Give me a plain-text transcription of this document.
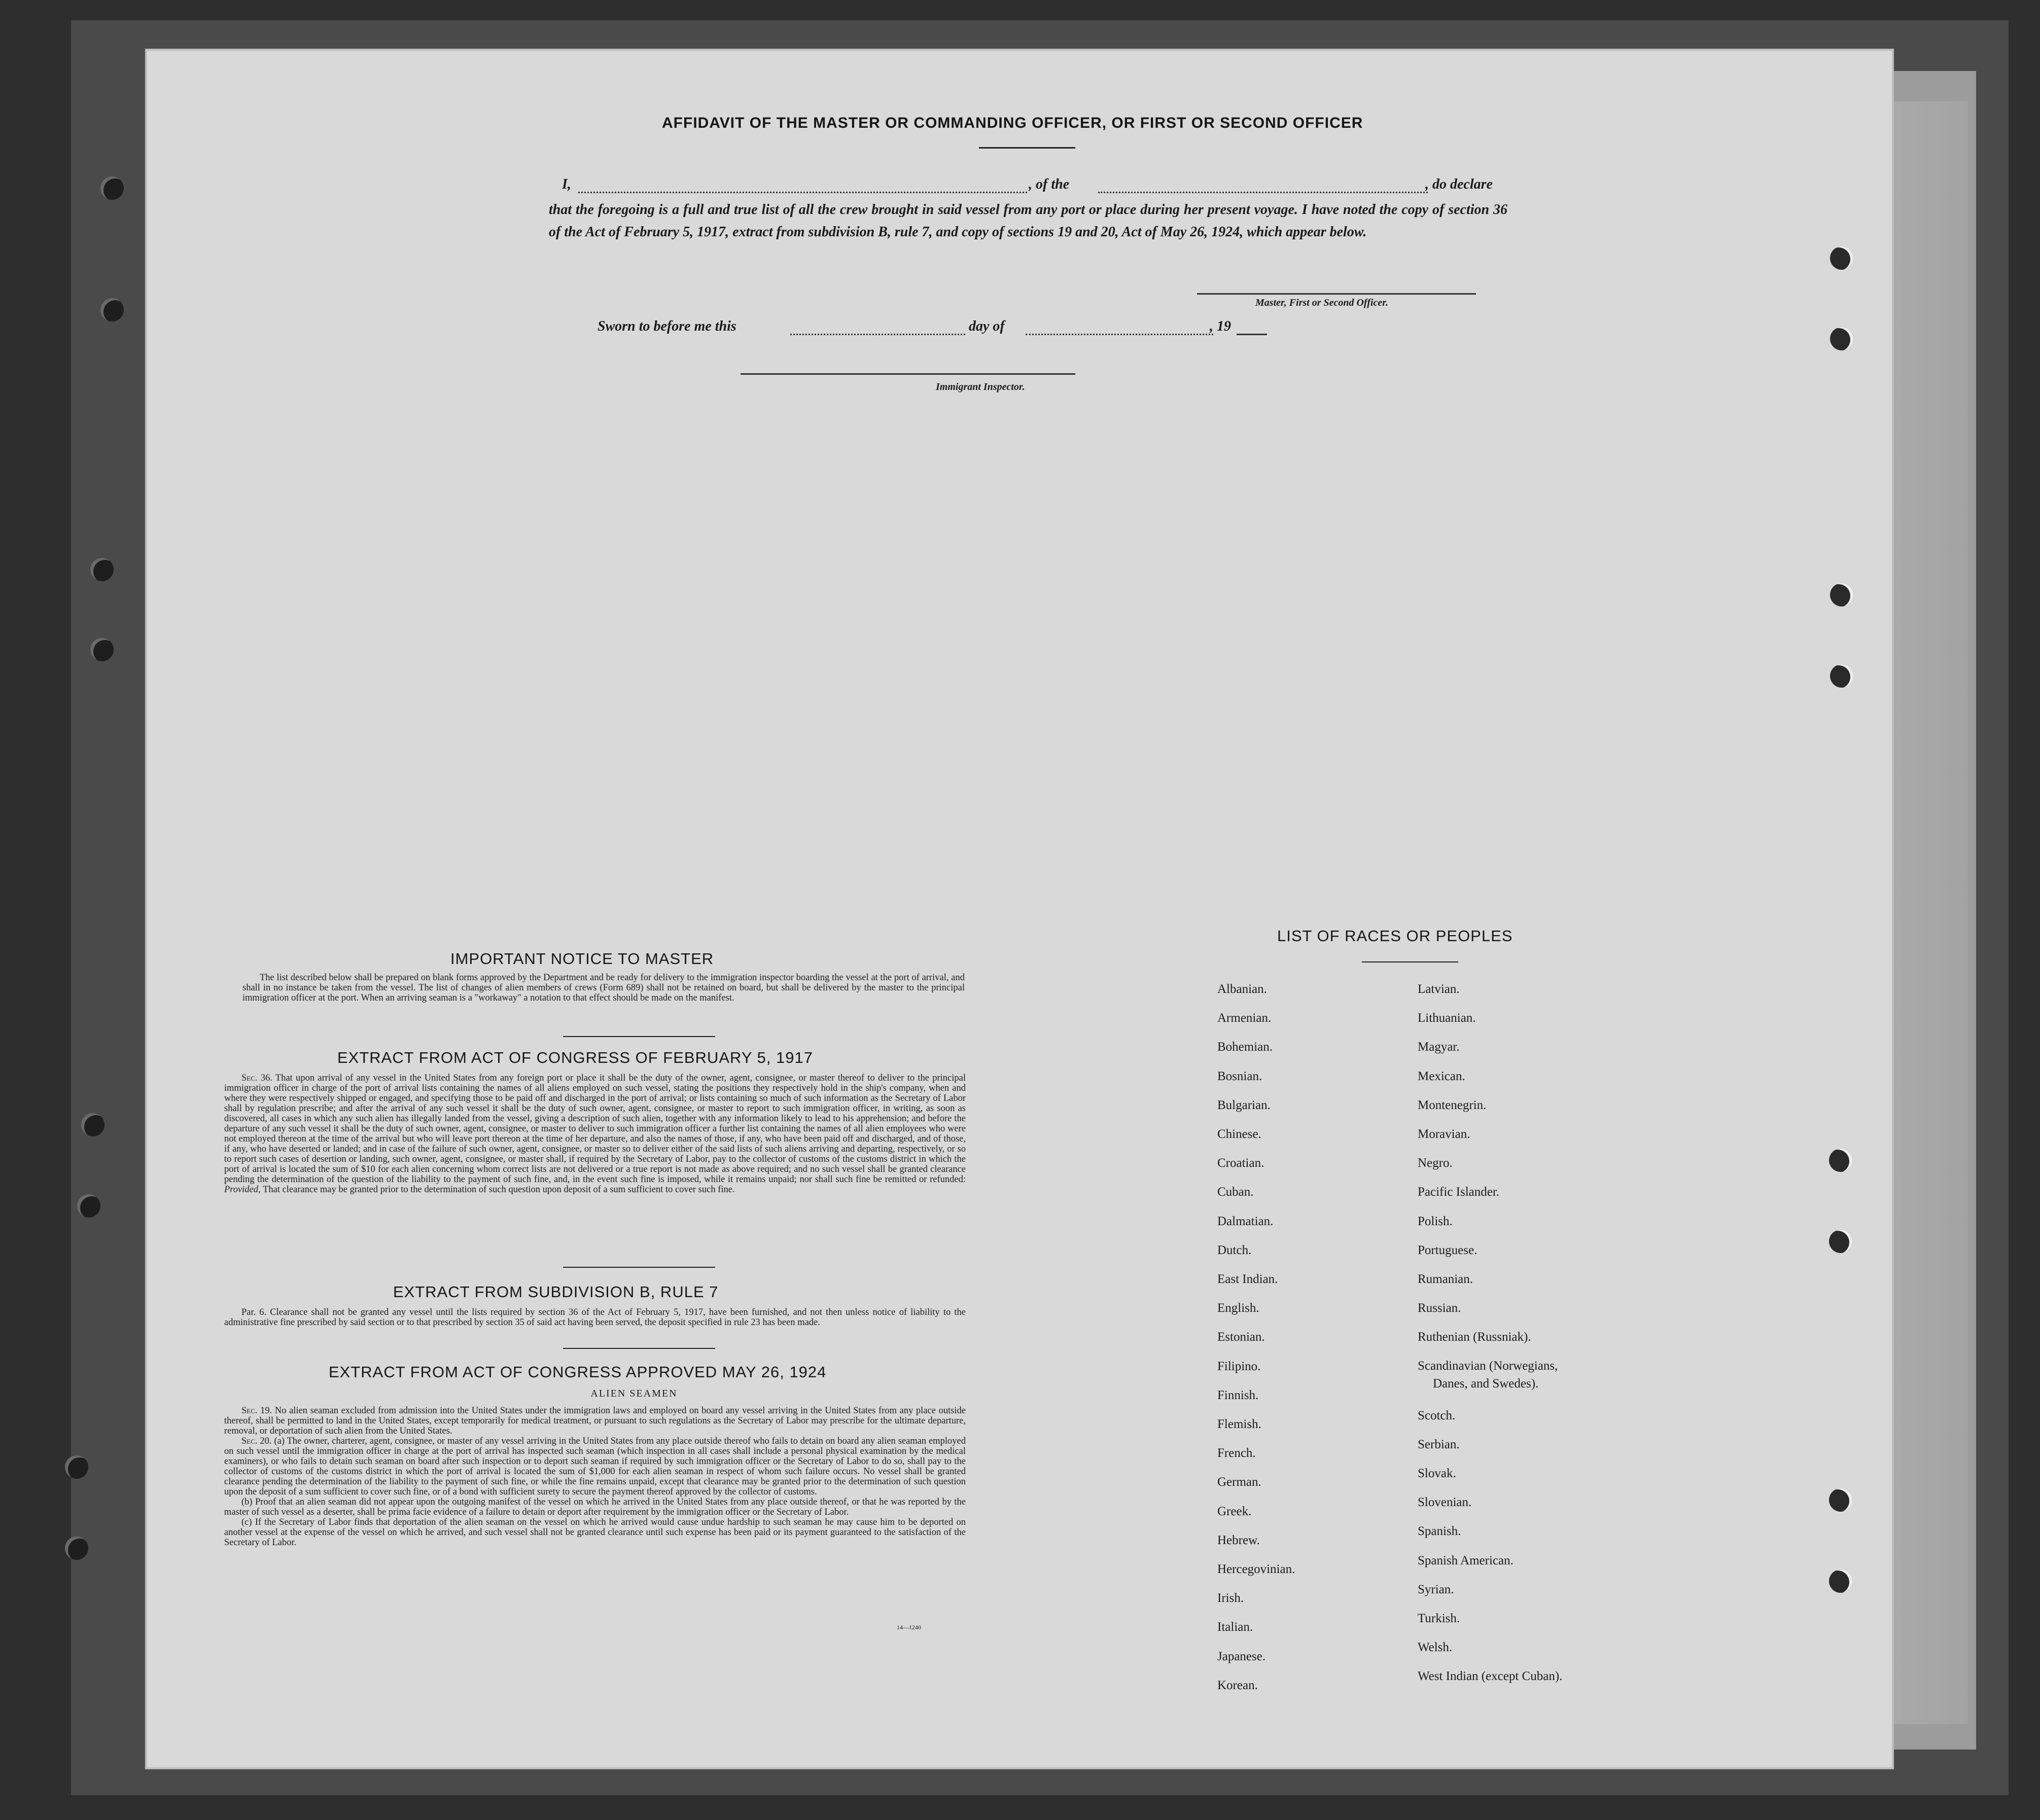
AFFIDAVIT OF THE MASTER OR COMMANDING OFFICER, OR FIRST OR SECOND OFFICER
I,	, of the	, do declare
that the foregoing is a full and true list of all the crew brought in said vessel from any port or place during her present voyage. I have noted the copy of section 36 of the Act of February 5, 1917, extract from subdivision B, rule 7, and copy of sections 19 and 20, Act of May 26, 1924, which appear below.
Master, First or Second Officer.
Sworn to before me this	day of	, 19
Immigrant Inspector.
IMPORTANT NOTICE TO MASTER

The list described below shall be prepared on blank forms approved by the Department and be ready for delivery to the immigration inspector boarding the vessel at the port of arrival, and shall in no instance be taken from the vessel. The list of changes of alien members of crews (Form 689) shall not be retained on board, but shall be delivered by the master to the principal immigration officer at the port. When an arriving seaman is a "workaway" a notation to that effect should be made on the manifest.

EXTRACT FROM ACT OF CONGRESS OF FEBRUARY 5, 1917

Sec. 36. That upon arrival of any vessel in the United States from any foreign port or place it shall be the duty of the owner, agent, consignee, or master thereof to deliver to the principal immigration officer in charge of the port of arrival lists containing the names of all aliens employed on such vessel, stating the positions they respectively hold in the ship's company, when and where they were respectively shipped or engaged, and specifying those to be paid off and discharged in the port of arrival; or lists containing so much of such information as the Secretary of Labor shall by regulation prescribe; and after the arrival of any such vessel it shall be the duty of such owner, agent, consignee, or master to report to such immigration officer, in writing, as soon as discovered, all cases in which any such alien has illegally landed from the vessel, giving a description of such alien, together with any information likely to lead to his apprehension; and before the departure of any such vessel it shall be the duty of such owner, agent, consignee, or master to deliver to such immigration officer a further list containing the names of all alien employees who were not employed thereon at the time of the arrival but who will leave port thereon at the time of her departure, and also the names of those, if any, who have been paid off and discharged, and of those, if any, who have deserted or landed; and in case of the failure of such owner, agent, consignee, or master so to deliver either of the said lists of such aliens arriving and departing, respectively, or so to report such cases of desertion or landing, such owner, agent, consignee, or master shall, if required by the Secretary of Labor, pay to the collector of customs of the customs district in which the port of arrival is located the sum of $10 for each alien concerning whom correct lists are not delivered or a true report is not made as above required; and no such vessel shall be granted clearance pending the determination of the question of the liability to the payment of such fine, and, in the event such fine is imposed, while it remains unpaid; nor shall such fine be remitted or refunded: Provided, That clearance may be granted prior to the determination of such question upon deposit of a sum sufficient to cover such fine.

EXTRACT FROM SUBDIVISION B, RULE 7

Par. 6. Clearance shall not be granted any vessel until the lists required by section 36 of the Act of February 5, 1917, have been furnished, and not then unless notice of liability to the administrative fine prescribed by said section or to that prescribed by section 35 of said act having been served, the deposit specified in rule 23 has been made.

EXTRACT FROM ACT OF CONGRESS APPROVED MAY 26, 1924
ALIEN SEAMEN

Sec. 19. No alien seaman excluded from admission into the United States under the immigration laws and employed on board any vessel arriving in the United States from any place outside thereof, shall be permitted to land in the United States, except temporarily for medical treatment, or pursuant to such regulations as the Secretary of Labor may prescribe for the ultimate departure, removal, or deportation of such alien from the United States.

Sec. 20. (a) The owner, charterer, agent, consignee, or master of any vessel arriving in the United States from any place outside thereof who fails to detain on board any alien seaman employed on such vessel until the immigration officer in charge at the port of arrival has inspected such seaman (which inspection in all cases shall include a personal physical examination by the medical examiners), or who fails to detain such seaman on board after such inspection or to deport such seaman if required by such immigration officer or the Secretary of Labor to do so, shall pay to the collector of customs of the customs district in which the port of arrival is located the sum of $1,000 for each alien seaman in respect of whom such failure occurs. No vessel shall be granted clearance pending the determination of the liability to the payment of such fine, or while the fine remains unpaid, except that clearance may be granted prior to the determination of such question upon the deposit of a sum sufficient to cover such fine, or of a bond with sufficient surety to secure the payment thereof approved by the collector of customs.

(b) Proof that an alien seaman did not appear upon the outgoing manifest of the vessel on which he arrived in the United States from any place outside thereof, or that he was reported by the master of such vessel as a deserter, shall be prima facie evidence of a failure to detain or deport after requirement by the immigration officer or the Secretary of Labor.

(c) If the Secretary of Labor finds that deportation of the alien seaman on the vessel on which he arrived would cause undue hardship to such seaman he may cause him to be deported on another vessel at the expense of the vessel on which he arrived, and such vessel shall not be granted clearance until such expense has been paid or its payment guaranteed to the satisfaction of the Secretary of Labor.

14—1240
LIST OF RACES OR PEOPLES
Albanian.
Armenian.
Bohemian.
Bosnian.
Bulgarian.
Chinese.
Croatian.
Cuban.
Dalmatian.
Dutch.
East Indian.
English.
Estonian.
Filipino.
Finnish.
Flemish.
French.
German.
Greek.
Hebrew.
Hercegovinian.
Irish.
Italian.
Japanese.
Korean.
Latvian.
Lithuanian.
Magyar.
Mexican.
Montenegrin.
Moravian.
Negro.
Pacific Islander.
Polish.
Portuguese.
Rumanian.
Russian.
Ruthenian (Russniak).
Scandinavian (Norwegians,
Danes, and Swedes).
Scotch.
Serbian.
Slovak.
Slovenian.
Spanish.
Spanish American.
Syrian.
Turkish.
Welsh.
West Indian (except Cuban).
